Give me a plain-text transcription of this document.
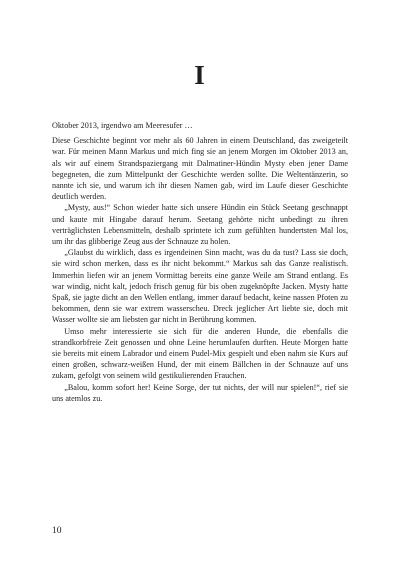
I

Oktober 2013, irgendwo am Meeresufer …

Diese Geschichte beginnt vor mehr als 60 Jahren in einem Deutschland, das zweigeteilt war. Für meinen Mann Markus und mich fing sie an jenem Morgen im Oktober 2013 an, als wir auf einem Strandspaziergang mit Dalmatiner-Hündin Mysty eben jener Dame begegneten, die zum Mittelpunkt der Geschichte werden sollte. Die Weltentänzerin, so nannte ich sie, und warum ich ihr diesen Namen gab, wird im Laufe dieser Geschichte deutlich werden.

„Mysty, aus!“ Schon wieder hatte sich unsere Hündin ein Stück Seetang geschnappt und kaute mit Hingabe darauf herum. Seetang gehörte nicht unbedingt zu ihren verträglichsten Lebensmitteln, deshalb sprintete ich zum gefühlten hundertsten Mal los, um ihr das glibberige Zeug aus der Schnauze zu holen.

„Glaubst du wirklich, dass es irgendeinen Sinn macht, was du da tust? Lass sie doch, sie wird schon merken, dass es ihr nicht bekommt.“ Markus sah das Ganze realistisch. Immerhin liefen wir an jenem Vormittag bereits eine ganze Weile am Strand entlang. Es war windig, nicht kalt, jedoch frisch genug für bis oben zugeknöpfte Jacken. Mysty hatte Spaß, sie jagte dicht an den Wellen entlang, immer darauf bedacht, keine nassen Pfoten zu bekommen, denn sie war extrem wasserscheu. Dreck jeglicher Art liebte sie, doch mit Wasser wollte sie am liebsten gar nicht in Berührung kommen.

Umso mehr interessierte sie sich für die anderen Hunde, die ebenfalls die strandkorbfreie Zeit genossen und ohne Leine herumlaufen durften. Heute Morgen hatte sie bereits mit einem Labrador und einem Pudel-Mix gespielt und eben nahm sie Kurs auf einen großen, schwarz-weißen Hund, der mit einem Bällchen in der Schnauze auf uns zukam, gefolgt von seinem wild gestikulierenden Frauchen.

„Balou, komm sofort her! Keine Sorge, der tut nichts, der will nur spielen!“, rief sie uns atemlos zu.

10
